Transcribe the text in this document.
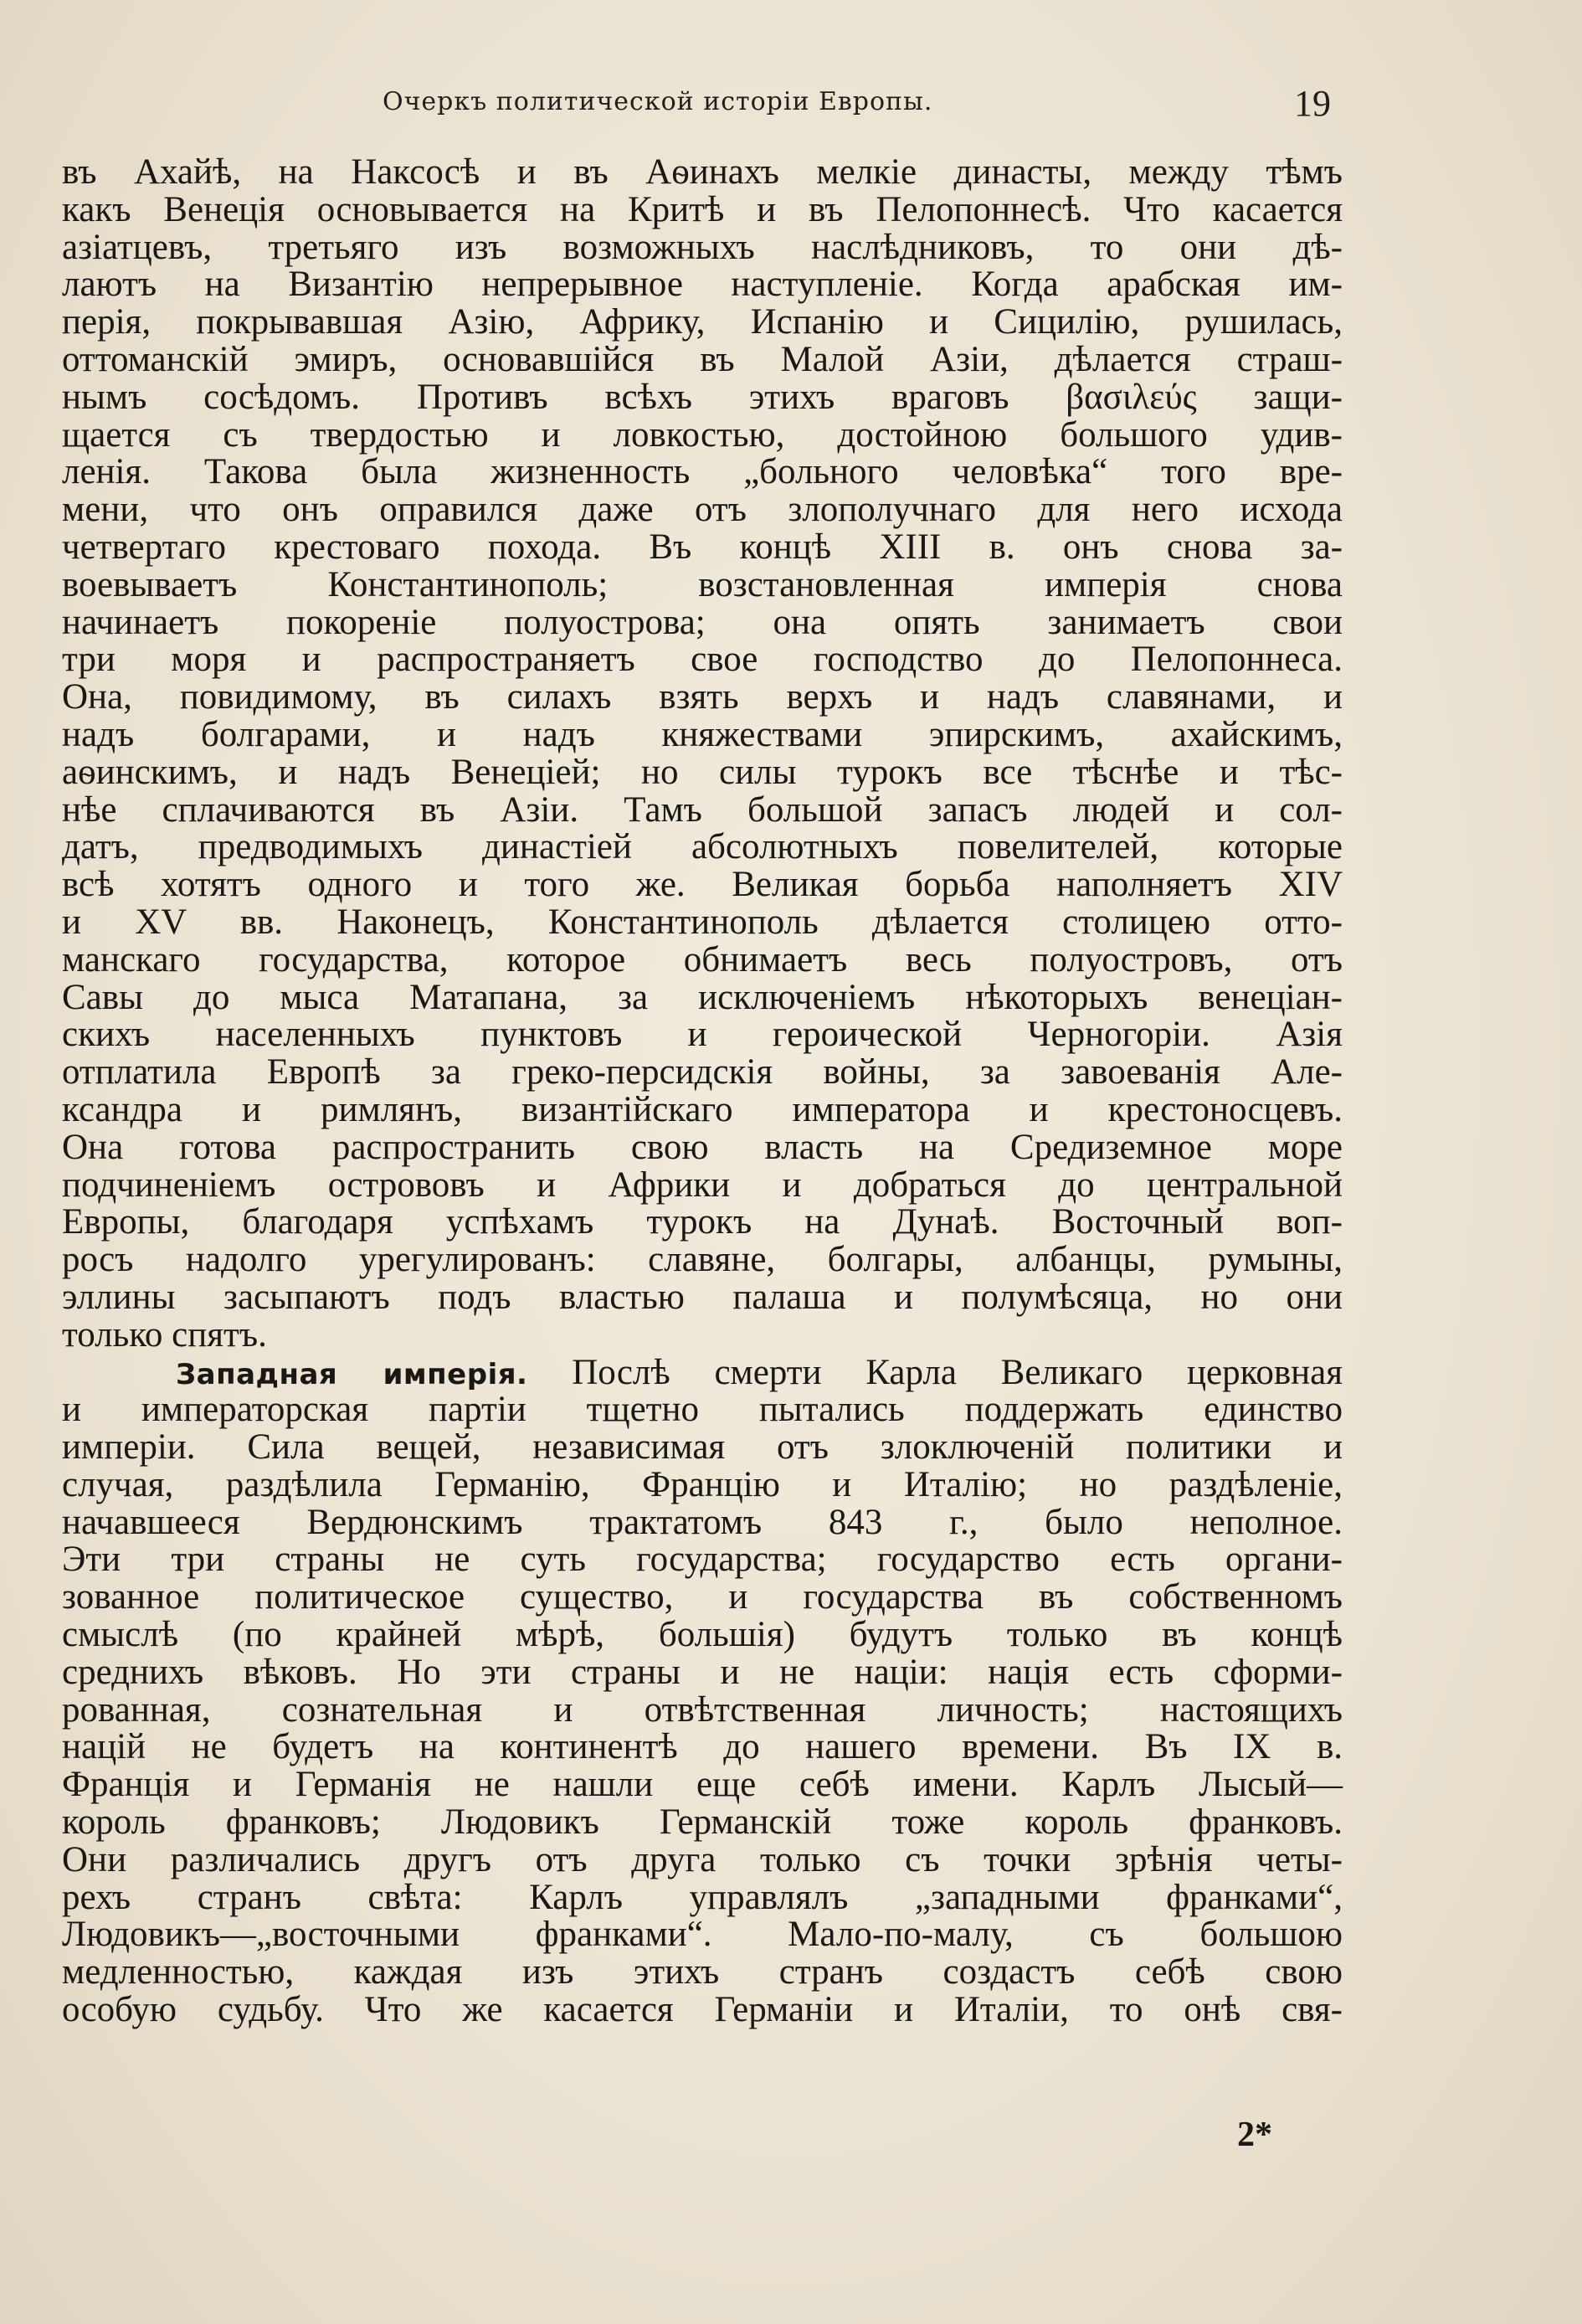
Очеркъ политической исторіи Европы.	19
въ Ахайѣ, на Наксосѣ и въ Аѳинахъ мелкіе династы, между тѣмъ
какъ Венеція основывается на Критѣ и въ Пелопоннесѣ. Что касается
азіатцевъ, третьяго изъ возможныхъ наслѣдниковъ, то они дѣ-
лаютъ на Византію непрерывное наступленіе. Когда арабская им-
перія, покрывавшая Азію, Африку, Испанію и Сицилію, рушилась,
оттоманскій эмиръ, основавшійся въ Малой Азіи, дѣлается страш-
нымъ сосѣдомъ. Противъ всѣхъ этихъ враговъ βασιλεύς защи-
щается съ твердостью и ловкостью, достойною большого удив-
ленія. Такова была жизненность „больного человѣка“ того вре-
мени, что онъ оправился даже отъ злополучнаго для него исхода
четвертаго крестоваго похода. Въ концѣ XIII в. онъ снова за-
воевываетъ Константинополь; возстановленная имперія снова
начинаетъ покореніе полуострова; она опять занимаетъ свои
три моря и распространяетъ свое господство до Пелопоннеса.
Она, повидимому, въ силахъ взять верхъ и надъ славянами, и
надъ болгарами, и надъ княжествами эпирскимъ, ахайскимъ,
аѳинскимъ, и надъ Венеціей; но силы турокъ все тѣснѣе и тѣс-
нѣе сплачиваются въ Азіи. Тамъ большой запасъ людей и сол-
датъ, предводимыхъ династіей абсолютныхъ повелителей, которые
всѣ хотятъ одного и того же. Великая борьба наполняетъ XIV
и XV вв. Наконецъ, Константинополь дѣлается столицею отто-
манскаго государства, которое обнимаетъ весь полуостровъ, отъ
Савы до мыса Матапана, за исключеніемъ нѣкоторыхъ венеціан-
скихъ населенныхъ пунктовъ и героической Черногоріи. Азія
отплатила Европѣ за греко-персидскія войны, за завоеванія Але-
ксандра и римлянъ, византійскаго императора и крестоносцевъ.
Она готова распространить свою власть на Средиземное море
подчиненіемъ острововъ и Африки и добраться до центральной
Европы, благодаря успѣхамъ турокъ на Дунаѣ. Восточный воп-
росъ надолго урегулированъ: славяне, болгары, албанцы, румыны,
эллины засыпаютъ подъ властью палаша и полумѣсяца, но они
только спятъ.
Западная имперія. Послѣ смерти Карла Великаго церковная
и императорская партіи тщетно пытались поддержать единство
имперіи. Сила вещей, независимая отъ злоключеній политики и
случая, раздѣлила Германію, Францію и Италію; но раздѣленіе,
начавшееся Вердюнскимъ трактатомъ 843 г., было неполное.
Эти три страны не суть государства; государство есть органи-
зованное политическое существо, и государства въ собственномъ
смыслѣ (по крайней мѣрѣ, большія) будутъ только въ концѣ
среднихъ вѣковъ. Но эти страны и не націи: нація есть сформи-
рованная, сознательная и отвѣтственная личность; настоящихъ
націй не будетъ на континентѣ до нашего времени. Въ IX в.
Франція и Германія не нашли еще себѣ имени. Карлъ Лысый—
король франковъ; Людовикъ Германскій тоже король франковъ.
Они различались другъ отъ друга только съ точки зрѣнія четы-
рехъ странъ свѣта: Карлъ управлялъ „западными франками“,
Людовикъ—„восточными франками“. Мало-по-малу, съ большою
медленностью, каждая изъ этихъ странъ создастъ себѣ свою
особую судьбу. Что же касается Германіи и Италіи, то онѣ свя-
2*
